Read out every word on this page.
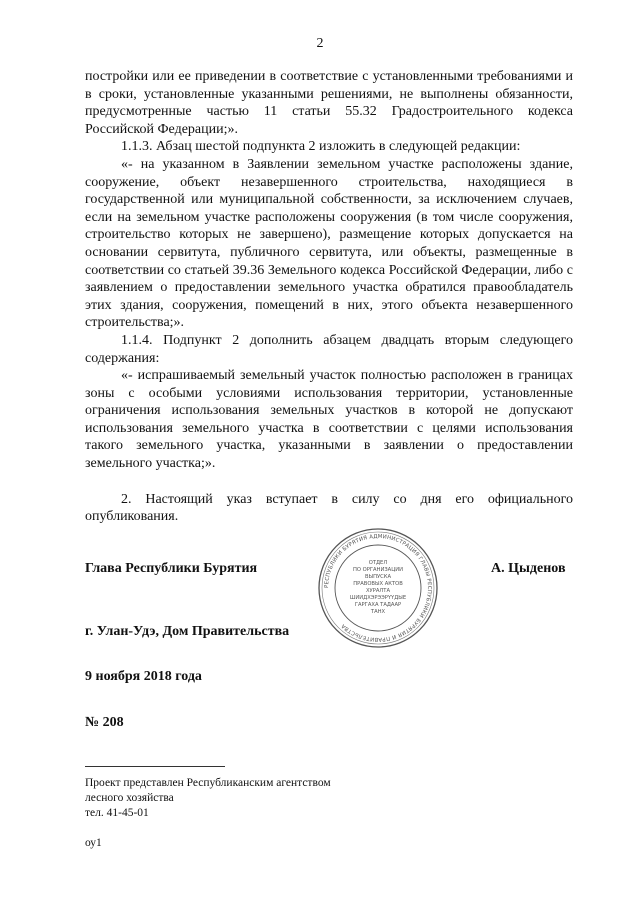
2

постройки или ее приведении в соответствие с установленными требованиями и в сроки, установленные указанными решениями, не выполнены обязанности, предусмотренные частью 11 статьи 55.32 Градостроительного кодекса Российской Федерации;».

1.1.3. Абзац шестой подпункта 2 изложить в следующей редакции:

«- на указанном в Заявлении земельном участке расположены здание, сооружение, объект незавершенного строительства, находящиеся в государственной или муниципальной собственности, за исключением случаев, если на земельном участке расположены сооружения (в том числе сооружения, строительство которых не завершено), размещение которых допускается на основании сервитута, публичного сервитута, или объекты, размещенные в соответствии со статьей 39.36 Земельного кодекса Российской Федерации, либо с заявлением о предоставлении земельного участка обратился правообладатель этих здания, сооружения, помещений в них, этого объекта незавершенного строительства;».

1.1.4. Подпункт 2 дополнить абзацем двадцать вторым следующего содержания:

«- испрашиваемый земельный участок полностью расположен в границах зоны с особыми условиями использования территории, установленные ограничения использования земельных участков в которой не допускают использования земельного участка в соответствии с целями использования такого земельного участка, указанными в заявлении о предоставлении земельного участка;».

2. Настоящий указ вступает в силу со дня его официального опубликования.

Глава Республики Бурятия	А. Цыденов
РЕСПУБЛИКИ БУРЯТИЯ АДМИНИСТРАЦИЯ ГЛАВЫ РЕСПУБЛИКИ БУРЯТИЯ И ПРАВИТЕЛЬСТВА
ОТДЕЛ
ПО ОРГАНИЗАЦИИ
ВЫПУСКА
ПРАВОВЫХ АКТОВ
ХУРАЛТА
ШИИДХЭРЭЭРҮҮДЫЕ
ГАРГАХА ТАДААР
ТАНХ
г. Улан-Удэ, Дом Правительства
9 ноября 2018 года
№ 208
Проект представлен Республиканским агентством
лесного хозяйства
тел. 41-45-01
оу1
